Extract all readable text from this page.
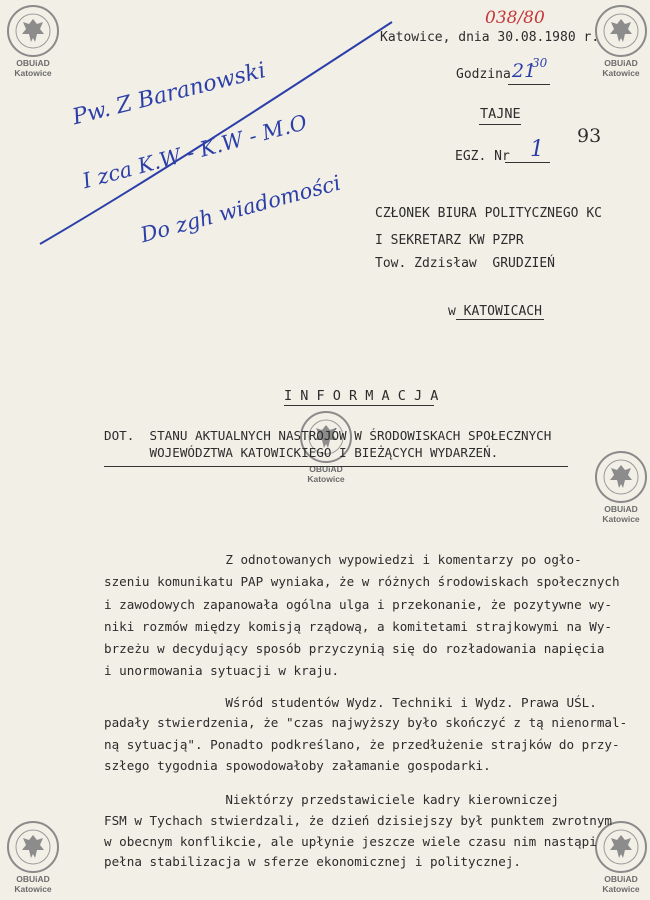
OBUiAD Katowice
OBUiAD Katowice
OBUiAD Katowice
OBUiAD Katowice
OBUiAD Katowice
OBUiAD Katowice
038/80
Katowice, dnia 30.08.1980 r.
Godzina 21
30
TAJNE
EGZ. Nr 1
93
Pw. Z Baranowski
I zca K.W - K.W - M.O
Do zgh wiadomości CZŁONEK BIURA POLITYCZNEGO KC
I SEKRETARZ KW PZPR
Tow. Zdzisław  GRUDZIEŃ
w KATOWICACH
I N F O R M A C J A
DOT.  STANU AKTUALNYCH NASTROJÓW W ŚRODOWISKACH SPOŁECZNYCH
WOJEWÓDZTWA KATOWICKIEGO I BIEŻĄCYCH WYDARZEŃ.
Z odnotowanych wypowiedzi i komentarzy po ogło-
szeniu komunikatu PAP wyniaka, że w różnych środowiskach społecznych
i zawodowych zapanowała ogólna ulga i przekonanie, że pozytywne wy-
niki rozmów między komisją rządową, a komitetami strajkowymi na Wy-
brzeżu w decydujący sposób przyczynią się do rozładowania napięcia
i unormowania sytuacji w kraju.
Wśród studentów Wydz. Techniki i Wydz. Prawa UŚL.
padały stwierdzenia, że "czas najwyższy było skończyć z tą nienormal-
ną sytuacją". Ponadto podkreślano, że przedłużenie strajków do przy-
szłego tygodnia spowodowałoby załamanie gospodarki.
Niektórzy przedstawiciele kadry kierowniczej
FSM w Tychach stwierdzali, że dzień dzisiejszy był punktem zwrotnym
w obecnym konflikcie, ale upłynie jeszcze wiele czasu nim nastąpi
pełna stabilizacja w sferze ekonomicznej i politycznej.
